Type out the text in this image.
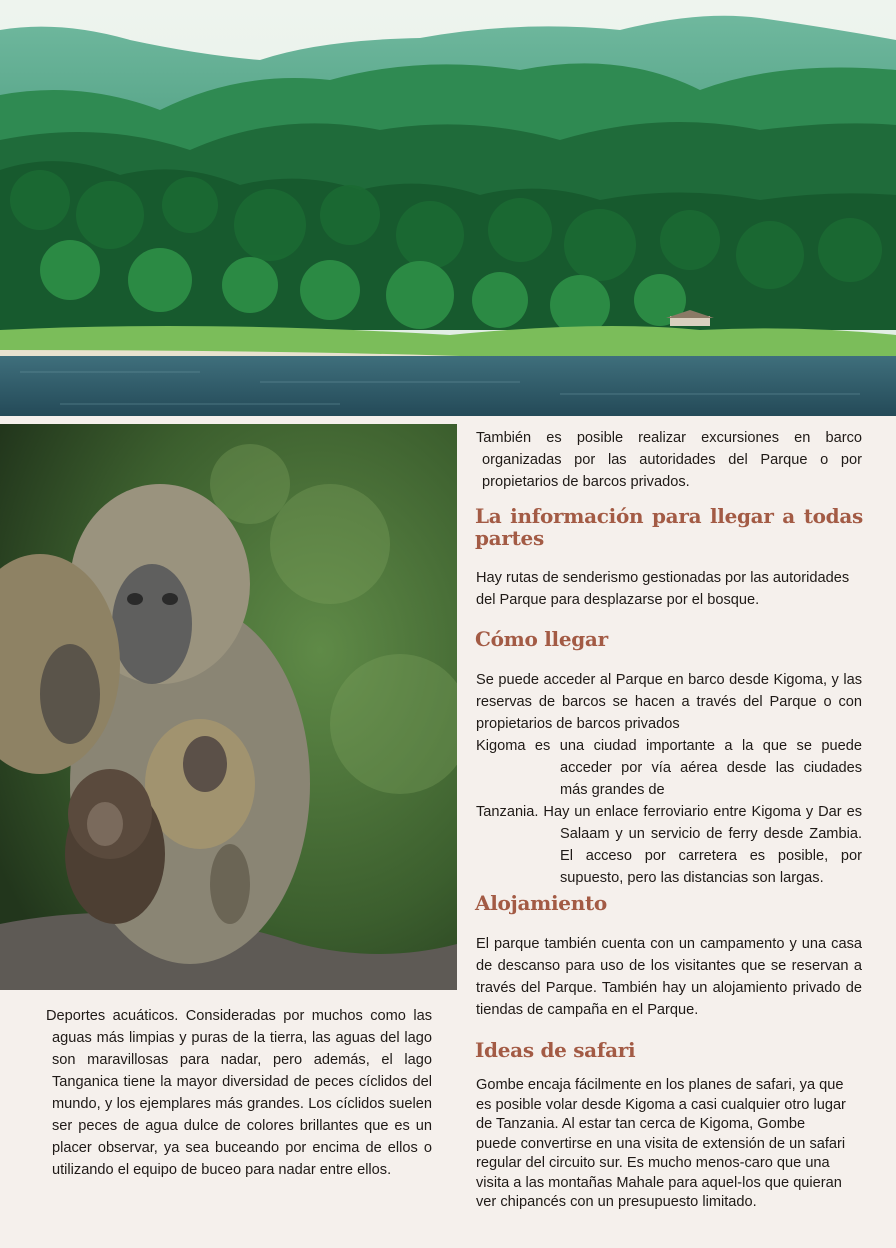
También es posible realizar excursiones en barco organizadas por las autoridades del Parque o por propietarios de barcos privados.

La información para llegar a todas partes

Hay rutas de senderismo gestionadas por las autoridades del Parque para desplazarse por el bosque.

Cómo llegar

Se puede acceder al Parque en barco desde Kigoma, y las reservas de barcos se hacen a través del Parque o con propietarios de barcos privados

Kigoma es una ciudad importante a la que se puede acceder por vía aérea desde las ciudades más grandes de

Tanzania. Hay un enlace ferroviario entre Kigoma y Dar es Salaam y un servicio de ferry desde Zambia. El acceso por carretera es posible, por supuesto, pero las distancias son largas.

Alojamiento

El parque también cuenta con un campamento y una casa de descanso para uso de los visitantes que se reservan a través del Parque. También hay un alojamiento privado de tiendas de campaña en el Parque.

Ideas de safari

Gombe encaja fácilmente en los planes de safari, ya que es posible volar desde Kigoma a casi cualquier otro lugar de Tanzania. Al estar tan cerca de Kigoma, Gombe puede convertirse en una visita de extensión de un safari regular del circuito sur. Es mucho menos-caro que una visita a las montañas Mahale para aquel-los que quieran ver chipancés con un presupuesto limitado.

Deportes acuáticos. Consideradas por muchos como las aguas más limpias y puras de la tierra, las aguas del lago son maravillosas para nadar, pero además, el lago Tanganica tiene la mayor diversidad de peces cíclidos del mundo, y los ejemplares más grandes. Los cíclidos suelen ser peces de agua dulce de colores brillantes que es un placer observar, ya sea buceando por encima de ellos o utilizando el equipo de buceo para nadar entre ellos.
